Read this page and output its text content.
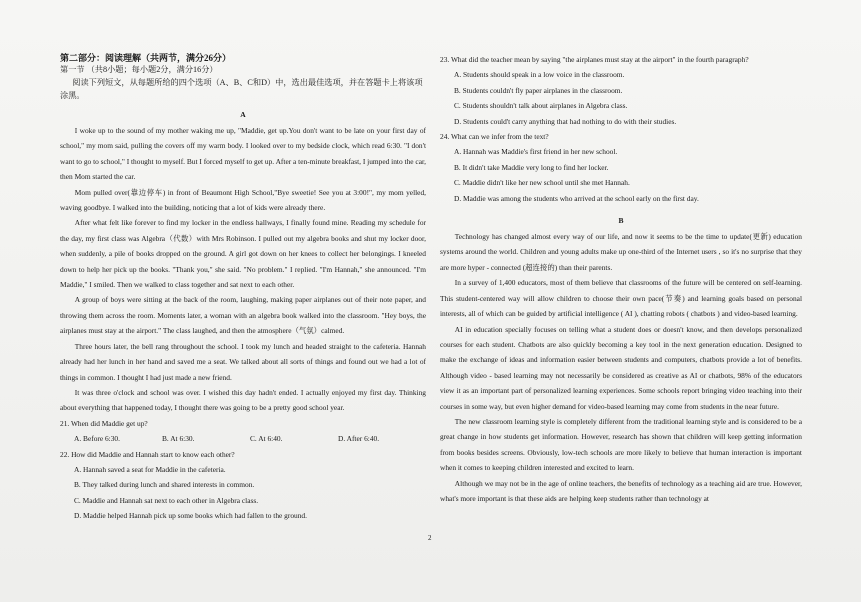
第二部分：阅读理解（共两节，满分26分）

第一节 （共8小题；每小题2分，满分16分）

阅读下列短文，从每题所给的四个选项（A、B、C和D）中，选出最佳选项，并在答题卡上将该项涂黑。

A

I woke up to the sound of my mother waking me up, "Maddie, get up.You don't want to be late on your first day of school," my mom said, pulling the covers off my warm body. I looked over to my bedside clock, which read 6:30. "I don't want to go to school," I thought to myself. But I forced myself to get up. After a ten-minute breakfast, I jumped into the car, then Mom started the car.

Mom pulled over(靠边停车) in front of Beaumont High School,"Bye sweetie! See you at 3:00!", my mom yelled, waving goodbye. I walked into the building, noticing that a lot of kids were already there.

After what felt like forever to find my locker in the endless hallways, I finally found mine. Reading my schedule for the day, my first class was Algebra（代数）with Mrs Robinson. I pulled out my algebra books and shut my locker door, when suddenly, a pile of books dropped on the ground. A girl got down on her knees to collect her belongings. I kneeled down to help her pick up the books. "Thank you," she said. "No problem." I replied. "I'm Hannah," she announced. "I'm Maddie," I smiled. Then we walked to class together and sat next to each other.

A group of boys were sitting at the back of the room, laughing, making paper airplanes out of their note paper, and throwing them across the room. Moments later, a woman with an algebra book walked into the classroom. "Hey boys, the airplanes must stay at the airport." The class laughed, and then the atmosphere（气氛）calmed.

Three hours later, the bell rang throughout the school. I took my lunch and headed straight to the cafeteria. Hannah already had her lunch in her hand and saved me a seat. We talked about all sorts of things and found out we had a lot of things in common. I thought I had just made a new friend.

It was three o'clock and school was over. I wished this day hadn't ended. I actually enjoyed my first day. Thinking about everything that happened today, I thought there was going to be a pretty good school year.

21. When did Maddie get up?

A. Before 6:30.	B. At 6:30.	C. At 6:40.	D. After 6:40.

22. How did Maddie and Hannah start to know each other?

A. Hannah saved a seat for Maddie in the cafeteria.

B. They talked during lunch and shared interests in common.

C. Maddie and Hannah sat next to each other in Algebra class.

D. Maddie helped Hannah pick up some books which had fallen to the ground.

23. What did the teacher mean by saying "the airplanes must stay at the airport" in the fourth paragraph?

A. Students should speak in a low voice in the classroom.

B. Students couldn't fly paper airplanes in the classroom.

C. Students shouldn't talk about airplanes in Algebra class.

D. Students could't carry anything that had nothing to do with their studies.

24. What can we infer from the text?

A. Hannah was Maddie's first friend in her new school.

B. It didn't take Maddie very long to find her locker.

C. Maddie didn't like her new school until she met Hannah.

D. Maddie was among the students who arrived at the school early on the first day.

B

Technology has changed almost every way of our life, and now it seems to be the time to update(更新) education systems around the world. Children and young adults make up one-third of the Internet users , so it's no surprise that they are more hyper - connected (超连接的) than their parents.

In a survey of 1,400 educators, most of them believe that classrooms of the future will be centered on self-learning. This student-centered way will allow children to choose their own pace(节奏) and learning goals based on personal interests, all of which can be guided by artificial intelligence ( AI ), chatting robots ( chatbots ) and video-based learning.

AI in education specially focuses on telling what a student does or doesn't know, and then develops personalized courses for each student. Chatbots are also quickly becoming a key tool in the next generation education. Designed to make the exchange of ideas and information easier between students and computers, chatbots provide a lot of benefits. Although video - based learning may not necessarily be considered as creative as AI or chatbots, 98% of the educators view it as an important part of personalized learning experiences. Some schools report bringing video teaching into their courses in some way, but even higher demand for video-based learning may come from students in the near future.

The new classroom learning style is completely different from the traditional learning style and is considered to be a great change in how students get information. However, research has shown that children will keep getting information from books besides screens. Obviously, low-tech schools are more likely to believe that human interaction is important when it comes to keeping children interested and excited to learn.

Although we may not be in the age of online teachers, the benefits of technology as a teaching aid are true. However, what's more important is that these aids are helping keep students rather than technology at

2
